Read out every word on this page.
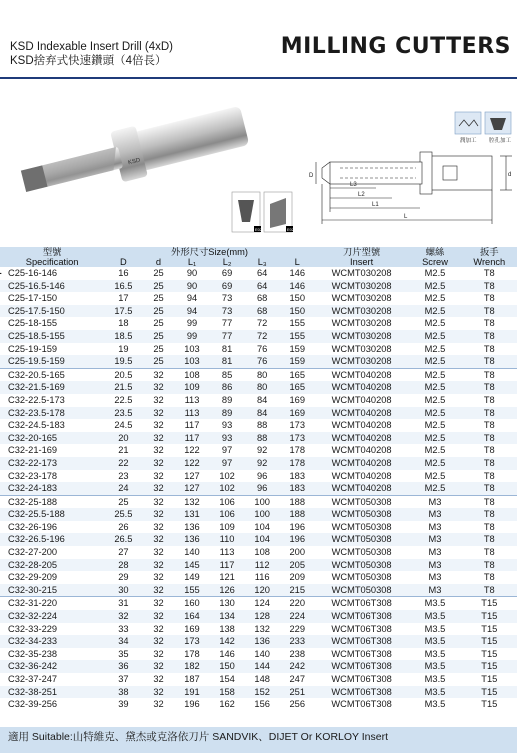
KSD Indexable Insert Drill (4xD)
KSD捨弃式快速鑽頭（4倍長）
MILLING CUTTERS
KSD
潤加工 腔孔加工
D	d
L3
L2
L1
L
E02	E02
型號	外形尺寸Size(mm)						刀片型號	螺絲	扳手
Specification	D	d	L₁	L₂	L₃	L	Insert	Screw	Wrench

C25-16-146	16	25	90	69	64	146	WCMT030208	M2.5	T8
C25-16.5-146	16.5	25	90	69	64	146	WCMT030208	M2.5	T8
C25-17-150	17	25	94	73	68	150	WCMT030208	M2.5	T8
C25-17.5-150	17.5	25	94	73	68	150	WCMT030208	M2.5	T8
C25-18-155	18	25	99	77	72	155	WCMT030208	M2.5	T8
C25-18.5-155	18.5	25	99	77	72	155	WCMT030208	M2.5	T8
C25-19-159	19	25	103	81	76	159	WCMT030208	M2.5	T8
C25-19.5-159	19.5	25	103	81	76	159	WCMT030208	M2.5	T8
C32-20.5-165	20.5	32	108	85	80	165	WCMT040208	M2.5	T8
C32-21.5-169	21.5	32	109	86	80	165	WCMT040208	M2.5	T8
C32-22.5-173	22.5	32	113	89	84	169	WCMT040208	M2.5	T8
C32-23.5-178	23.5	32	113	89	84	169	WCMT040208	M2.5	T8
C32-24.5-183	24.5	32	117	93	88	173	WCMT040208	M2.5	T8
C32-20-165	20	32	117	93	88	173	WCMT040208	M2.5	T8
C32-21-169	21	32	122	97	92	178	WCMT040208	M2.5	T8
C32-22-173	22	32	122	97	92	178	WCMT040208	M2.5	T8
C32-23-178	23	32	127	102	96	183	WCMT040208	M2.5	T8
C32-24-183	24	32	127	102	96	183	WCMT040208	M2.5	T8
C32-25-188	25	32	132	106	100	188	WCMT050308	M3	T8
C32-25.5-188	25.5	32	131	106	100	188	WCMT050308	M3	T8
C32-26-196	26	32	136	109	104	196	WCMT050308	M3	T8
C32-26.5-196	26.5	32	136	110	104	196	WCMT050308	M3	T8
C32-27-200	27	32	140	113	108	200	WCMT050308	M3	T8
C32-28-205	28	32	145	117	112	205	WCMT050308	M3	T8
C32-29-209	29	32	149	121	116	209	WCMT050308	M3	T8
C32-30-215	30	32	155	126	120	215	WCMT050308	M3	T8
C32-31-220	31	32	160	130	124	220	WCMT06T308	M3.5	T15
C32-32-224	32	32	164	134	128	224	WCMT06T308	M3.5	T15
C32-33-229	33	32	169	138	132	229	WCMT06T308	M3.5	T15
C32-34-233	34	32	173	142	136	233	WCMT06T308	M3.5	T15
C32-35-238	35	32	178	146	140	238	WCMT06T308	M3.5	T15
C32-36-242	36	32	182	150	144	242	WCMT06T308	M3.5	T15
C32-37-247	37	32	187	154	148	247	WCMT06T308	M3.5	T15
C32-38-251	38	32	191	158	152	251	WCMT06T308	M3.5	T15
C32-39-256	39	32	196	162	156	256	WCMT06T308	M3.5	T15
適用 Suitable:山特維克、黛杰或克洛依刀片 SANDVIK、DIJET Or KORLOY Insert
